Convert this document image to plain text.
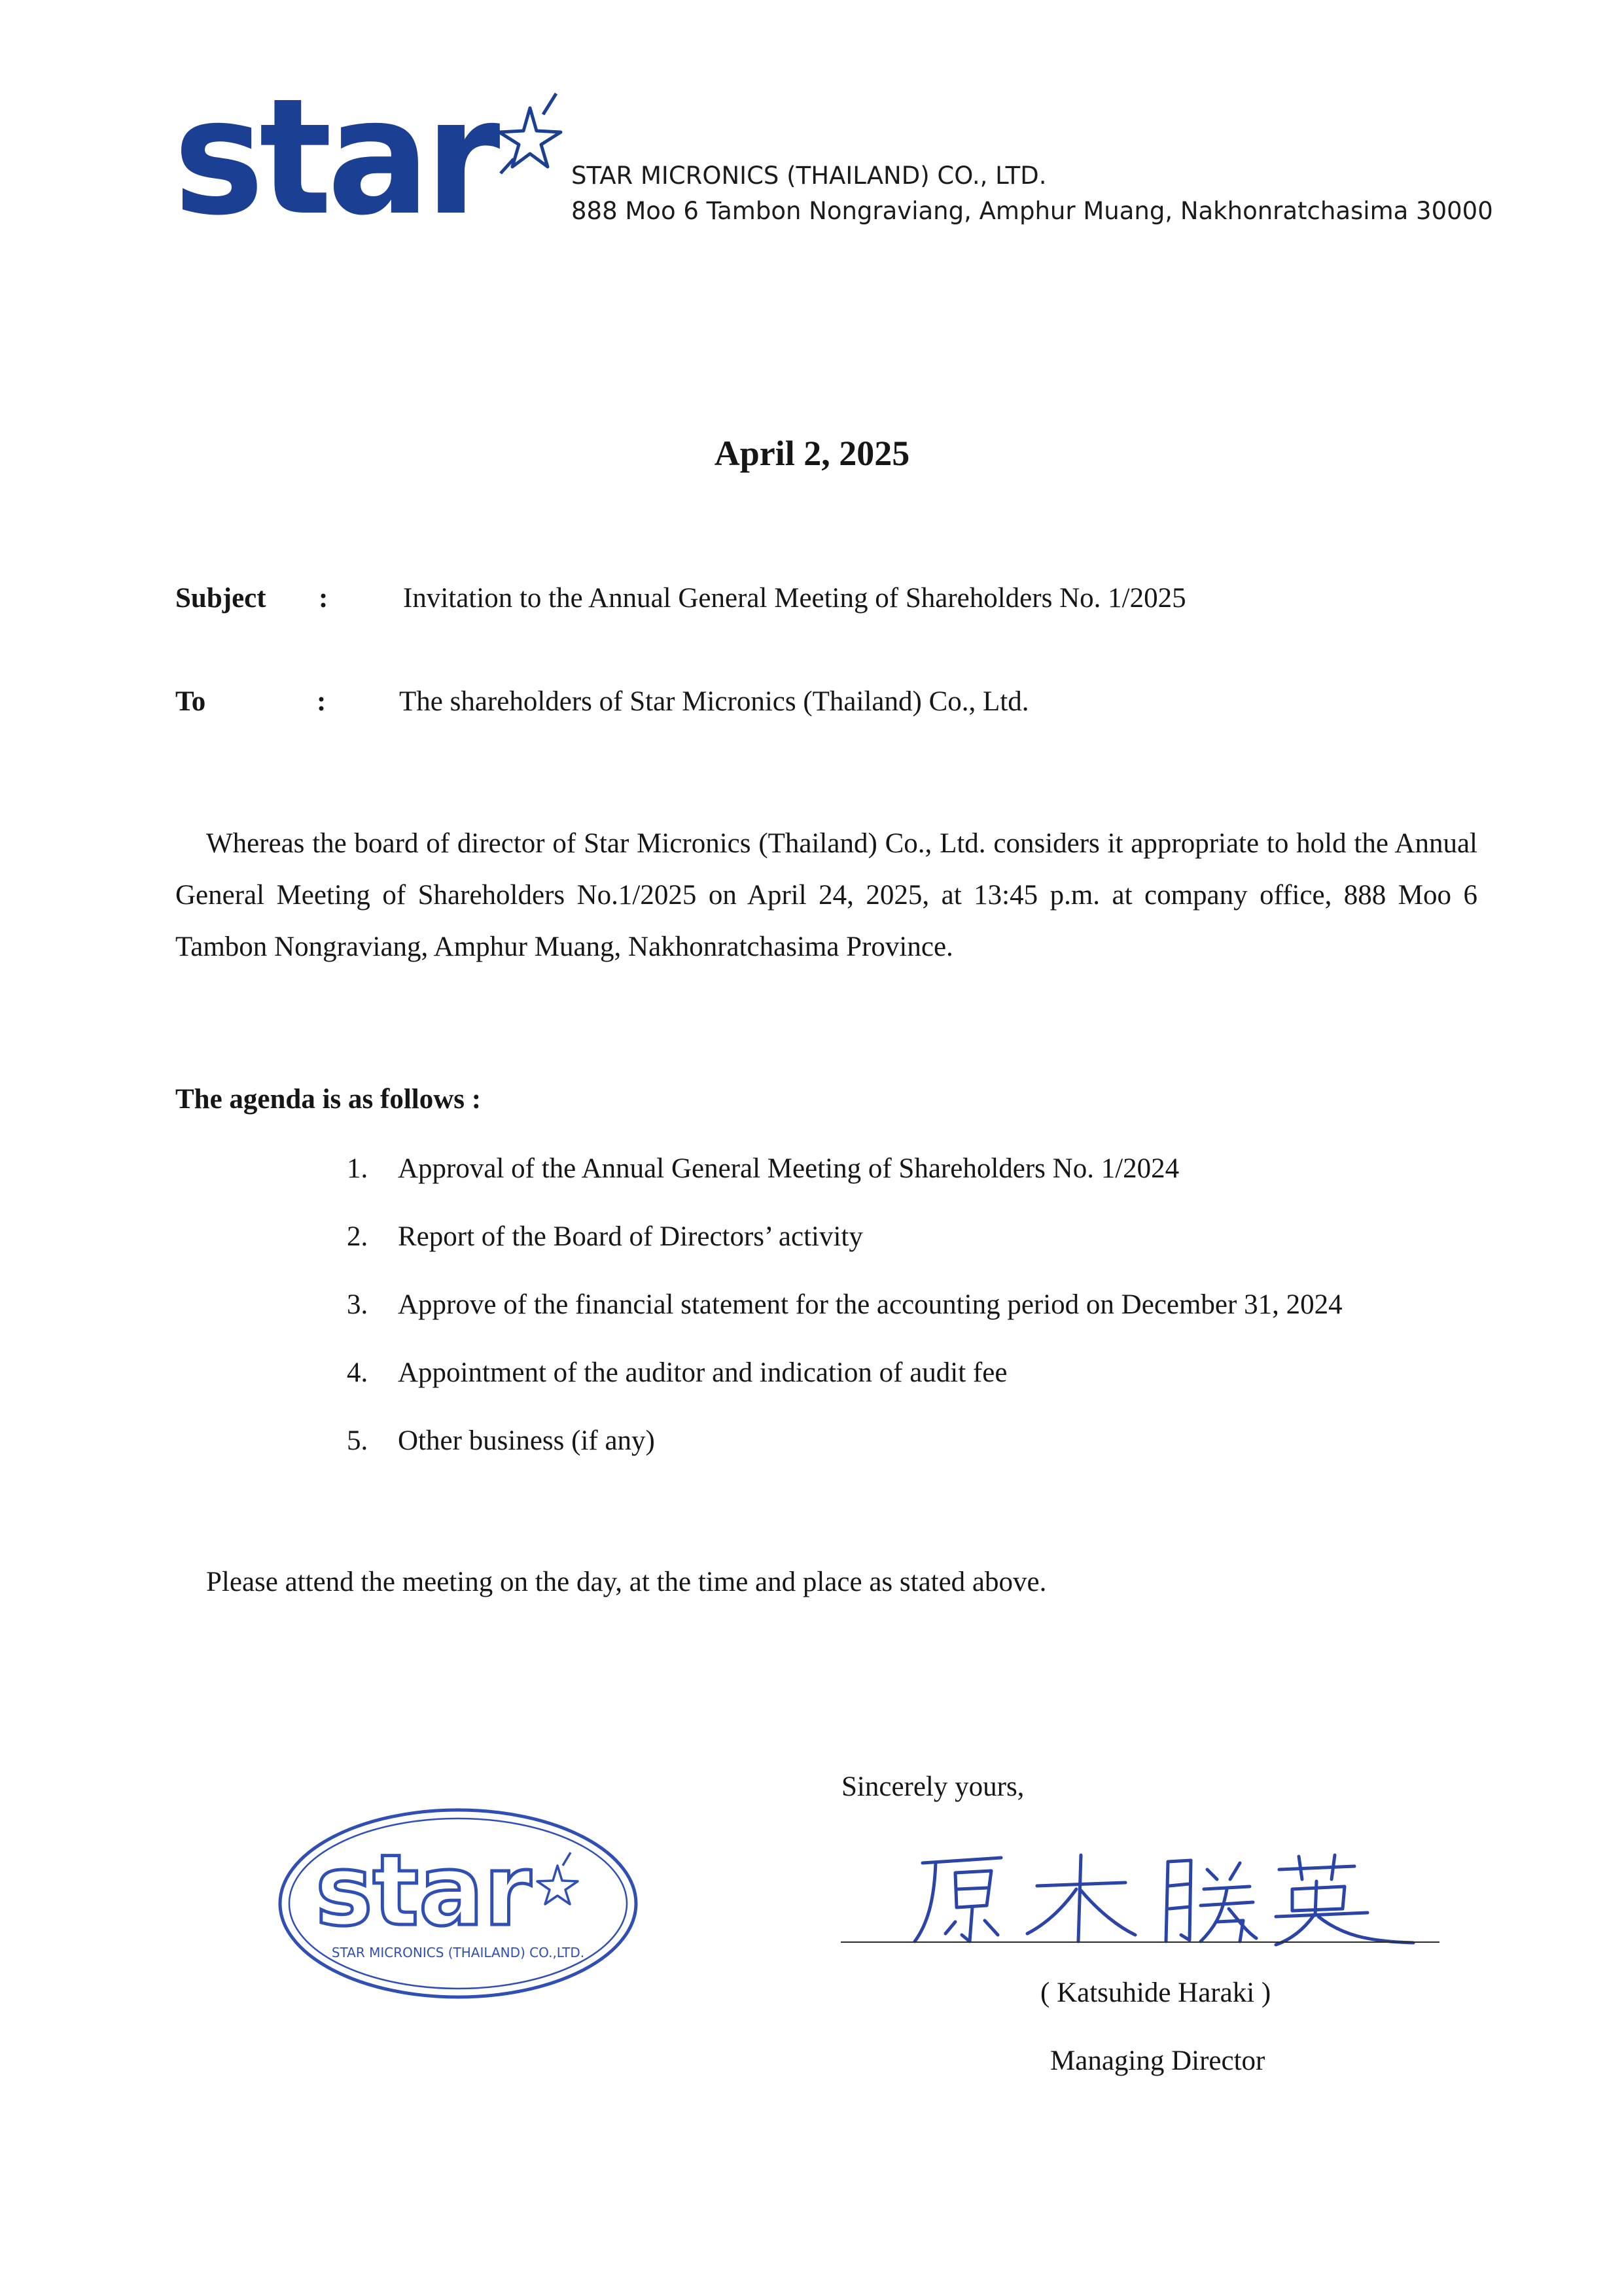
star	STAR MICRONICS (THAILAND) CO., LTD.
888 Moo 6 Tambon Nongraviang, Amphur Muang, Nakhonratchasima 30000
April 2, 2025
Subject :	Invitation to the Annual General Meeting of Shareholders No. 1/2025
To	:	The shareholders of Star Micronics (Thailand) Co., Ltd.

Whereas the board of director of Star Micronics (Thailand) Co., Ltd. considers it appropriate to hold the Annual General Meeting of Shareholders No.1/2025 on April 24, 2025, at 13:45 p.m. at company office, 888 Moo 6 Tambon Nongraviang, Amphur Muang, Nakhonratchasima Province.

The agenda is as follows :
1. Approval of the Annual General Meeting of Shareholders No. 1/2024
2. Report of the Board of Directors’ activity
3. Approve of the financial statement for the accounting period on December 31, 2024
4. Appointment of the auditor and indication of audit fee
5. Other business (if any)
Please attend the meeting on the day, at the time and place as stated above.
star
STAR MICRONICS (THAILAND) CO.,LTD.
Sincerely yours,
( Katsuhide Haraki )
Managing Director
